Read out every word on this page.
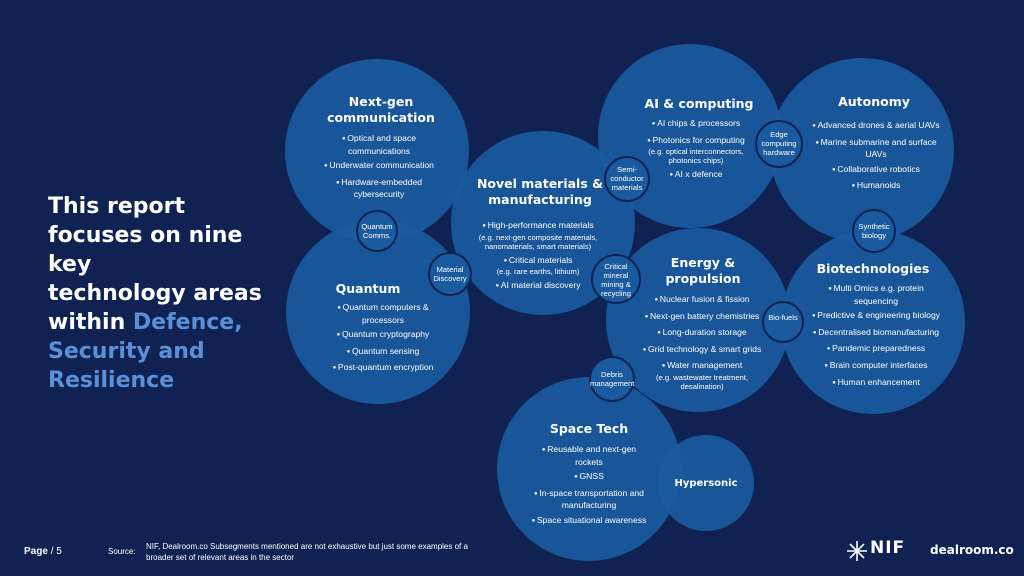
This report
focuses on nine key
technology areas
within Defence,
Security and
Resilience
Next-gen communication
● Optical and space communications
● Underwater communication
● Hardware-embedded cybersecurity
Novel materials & manufacturing
● High-performance materials
(e.g. next-gen composite materials, nanomaterials, smart materials)
● Critical materials
(e.g. rare earths, lithium)
● AI material discovery
AI & computing
● AI chips & processors
● Photonics for computing
(e.g. optical interconnectors, photonics chips)
● AI x defence
Autonomy
● Advanced drones & aerial UAVs
● Marine submarine and surface UAVs
● Collaborative robotics
● Humanoids
Quantum
● Quantum computers & processors
● Quantum cryptography
● Quantum sensing
● Post-quantum encryption
Energy & propulsion
● Nuclear fusion & fission
● Next-gen battery chemistries
● Long-duration storage
● Grid technology & smart grids
● Water management
(e.g. wastewater treatment, desalination)
Biotechnologies
● Multi Omics e.g. protein sequencing
● Predictive & engineering biology
● Decentralised biomanufacturing
● Pandemic preparedness
● Brain computer interfaces
● Human enhancement
Space Tech
● Reusable and next-gen rockets
● GNSS
● In-space transportation and manufacturing
● Space situational awareness
Hypersonic
Quantum Comms.
Material Discovery
Semi-conductor materials
Edge computing hardware
Synthetic biology
Critical mineral mining & recycling
Bio-fuels
Debris management
Page / 5	Source:
NIF, Dealroom.co Subsegments mentioned are not exhaustive but just some examples of a broader set of relevant areas in the sector	NIF dealroom.co
